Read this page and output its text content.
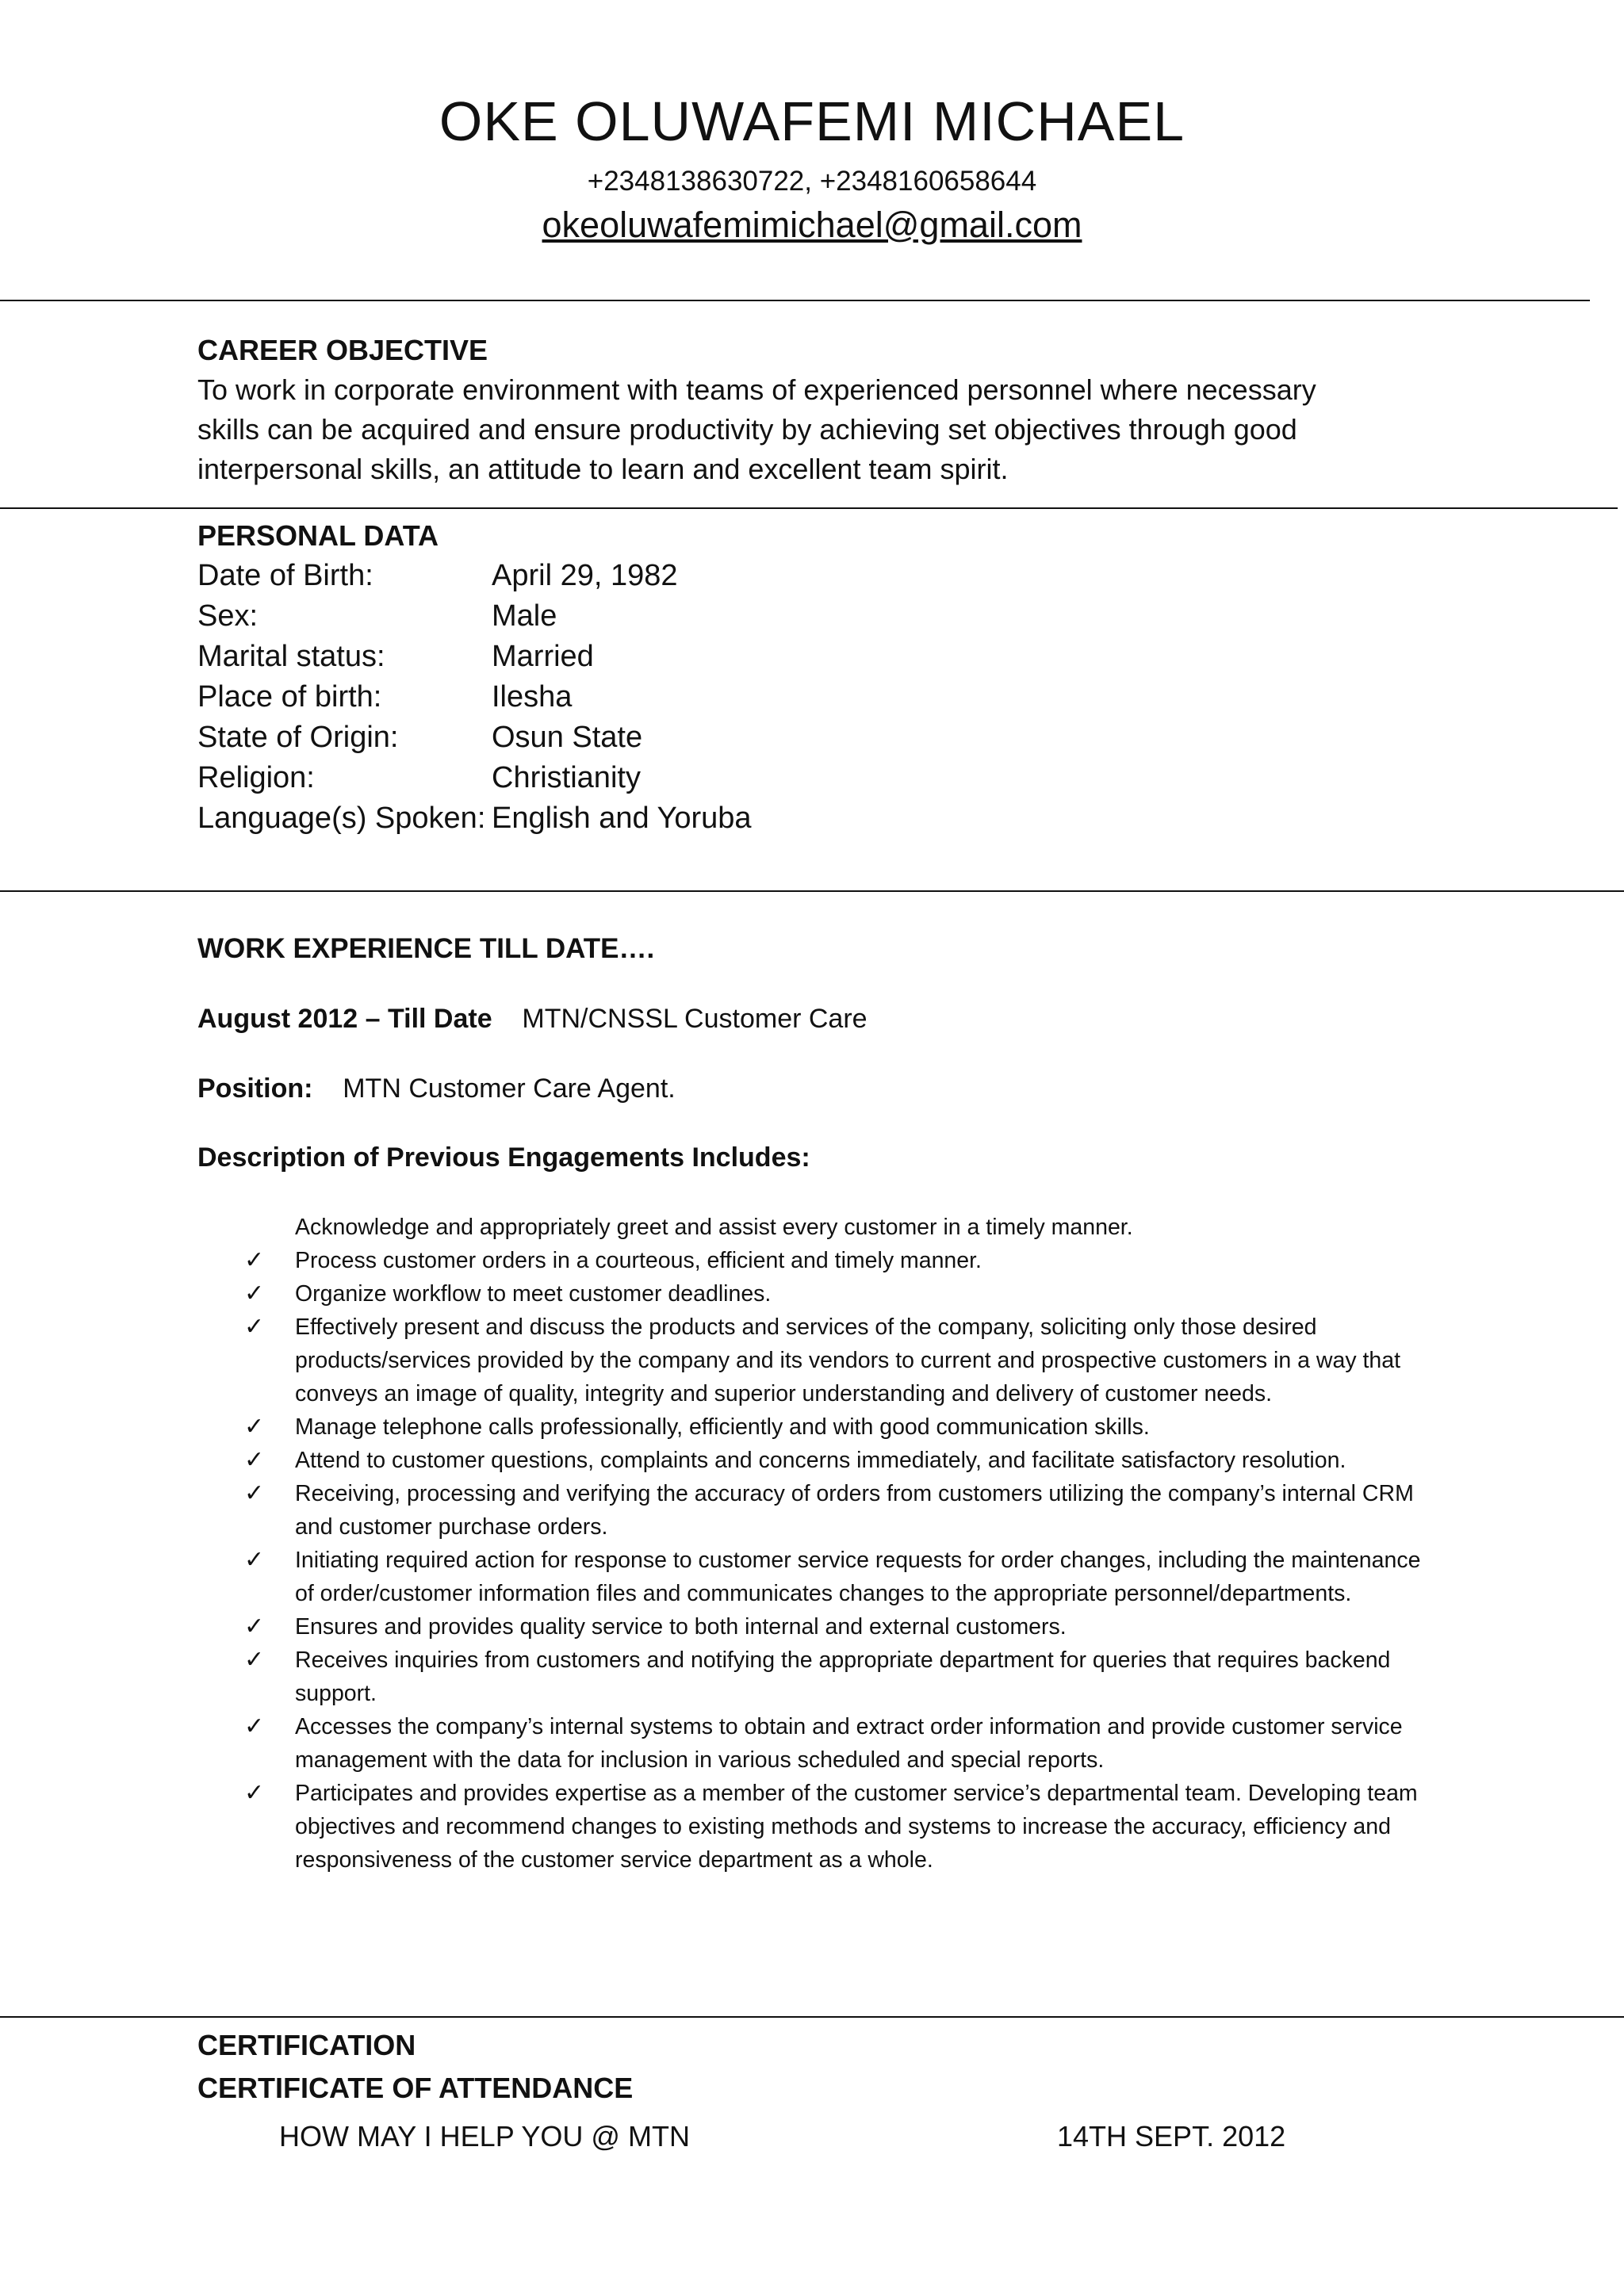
OKE OLUWAFEMI MICHAEL
+2348138630722, +2348160658644
okeoluwafemimichael@gmail.com
CAREER OBJECTIVE
To work in corporate environment with teams of experienced personnel where necessary
skills can be acquired and ensure productivity by achieving set objectives through good
interpersonal skills, an attitude to learn and excellent team spirit.
PERSONAL DATA
Date of Birth:	April 29, 1982
Sex:	Male
Marital status:	Married
Place of birth:	Ilesha
State of Origin:	Osun State
Religion:	Christianity
Language(s) Spoken: English and Yoruba
WORK EXPERIENCE TILL DATE….
August 2012 – Till Date MTN/CNSSL Customer Care
Position: MTN Customer Care Agent.
Description of Previous Engagements Includes:
Acknowledge and appropriately greet and assist every customer in a timely manner.
✓ Process customer orders in a courteous, efficient and timely manner.
✓ Organize workflow to meet customer deadlines.
✓ Effectively present and discuss the products and services of the company, soliciting only those desired products/services provided by the company and its vendors to current and prospective customers in a way that conveys an image of quality, integrity and superior understanding and delivery of customer needs.
✓ Manage telephone calls professionally, efficiently and with good communication skills.
✓ Attend to customer questions, complaints and concerns immediately, and facilitate satisfactory resolution.
✓ Receiving, processing and verifying the accuracy of orders from customers utilizing the company’s internal CRM and customer purchase orders.
✓ Initiating required action for response to customer service requests for order changes, including the maintenance of order/customer information files and communicates changes to the appropriate personnel/departments.
✓ Ensures and provides quality service to both internal and external customers.
✓ Receives inquiries from customers and notifying the appropriate department for queries that requires backend support.
✓ Accesses the company’s internal systems to obtain and extract order information and provide customer service management with the data for inclusion in various scheduled and special reports.
✓ Participates and provides expertise as a member of the customer service’s departmental team. Developing team objectives and recommend changes to existing methods and systems to increase the accuracy, efficiency and responsiveness of the customer service department as a whole.
CERTIFICATION
CERTIFICATE OF ATTENDANCE
HOW MAY I HELP YOU @ MTN	14TH SEPT. 2012
